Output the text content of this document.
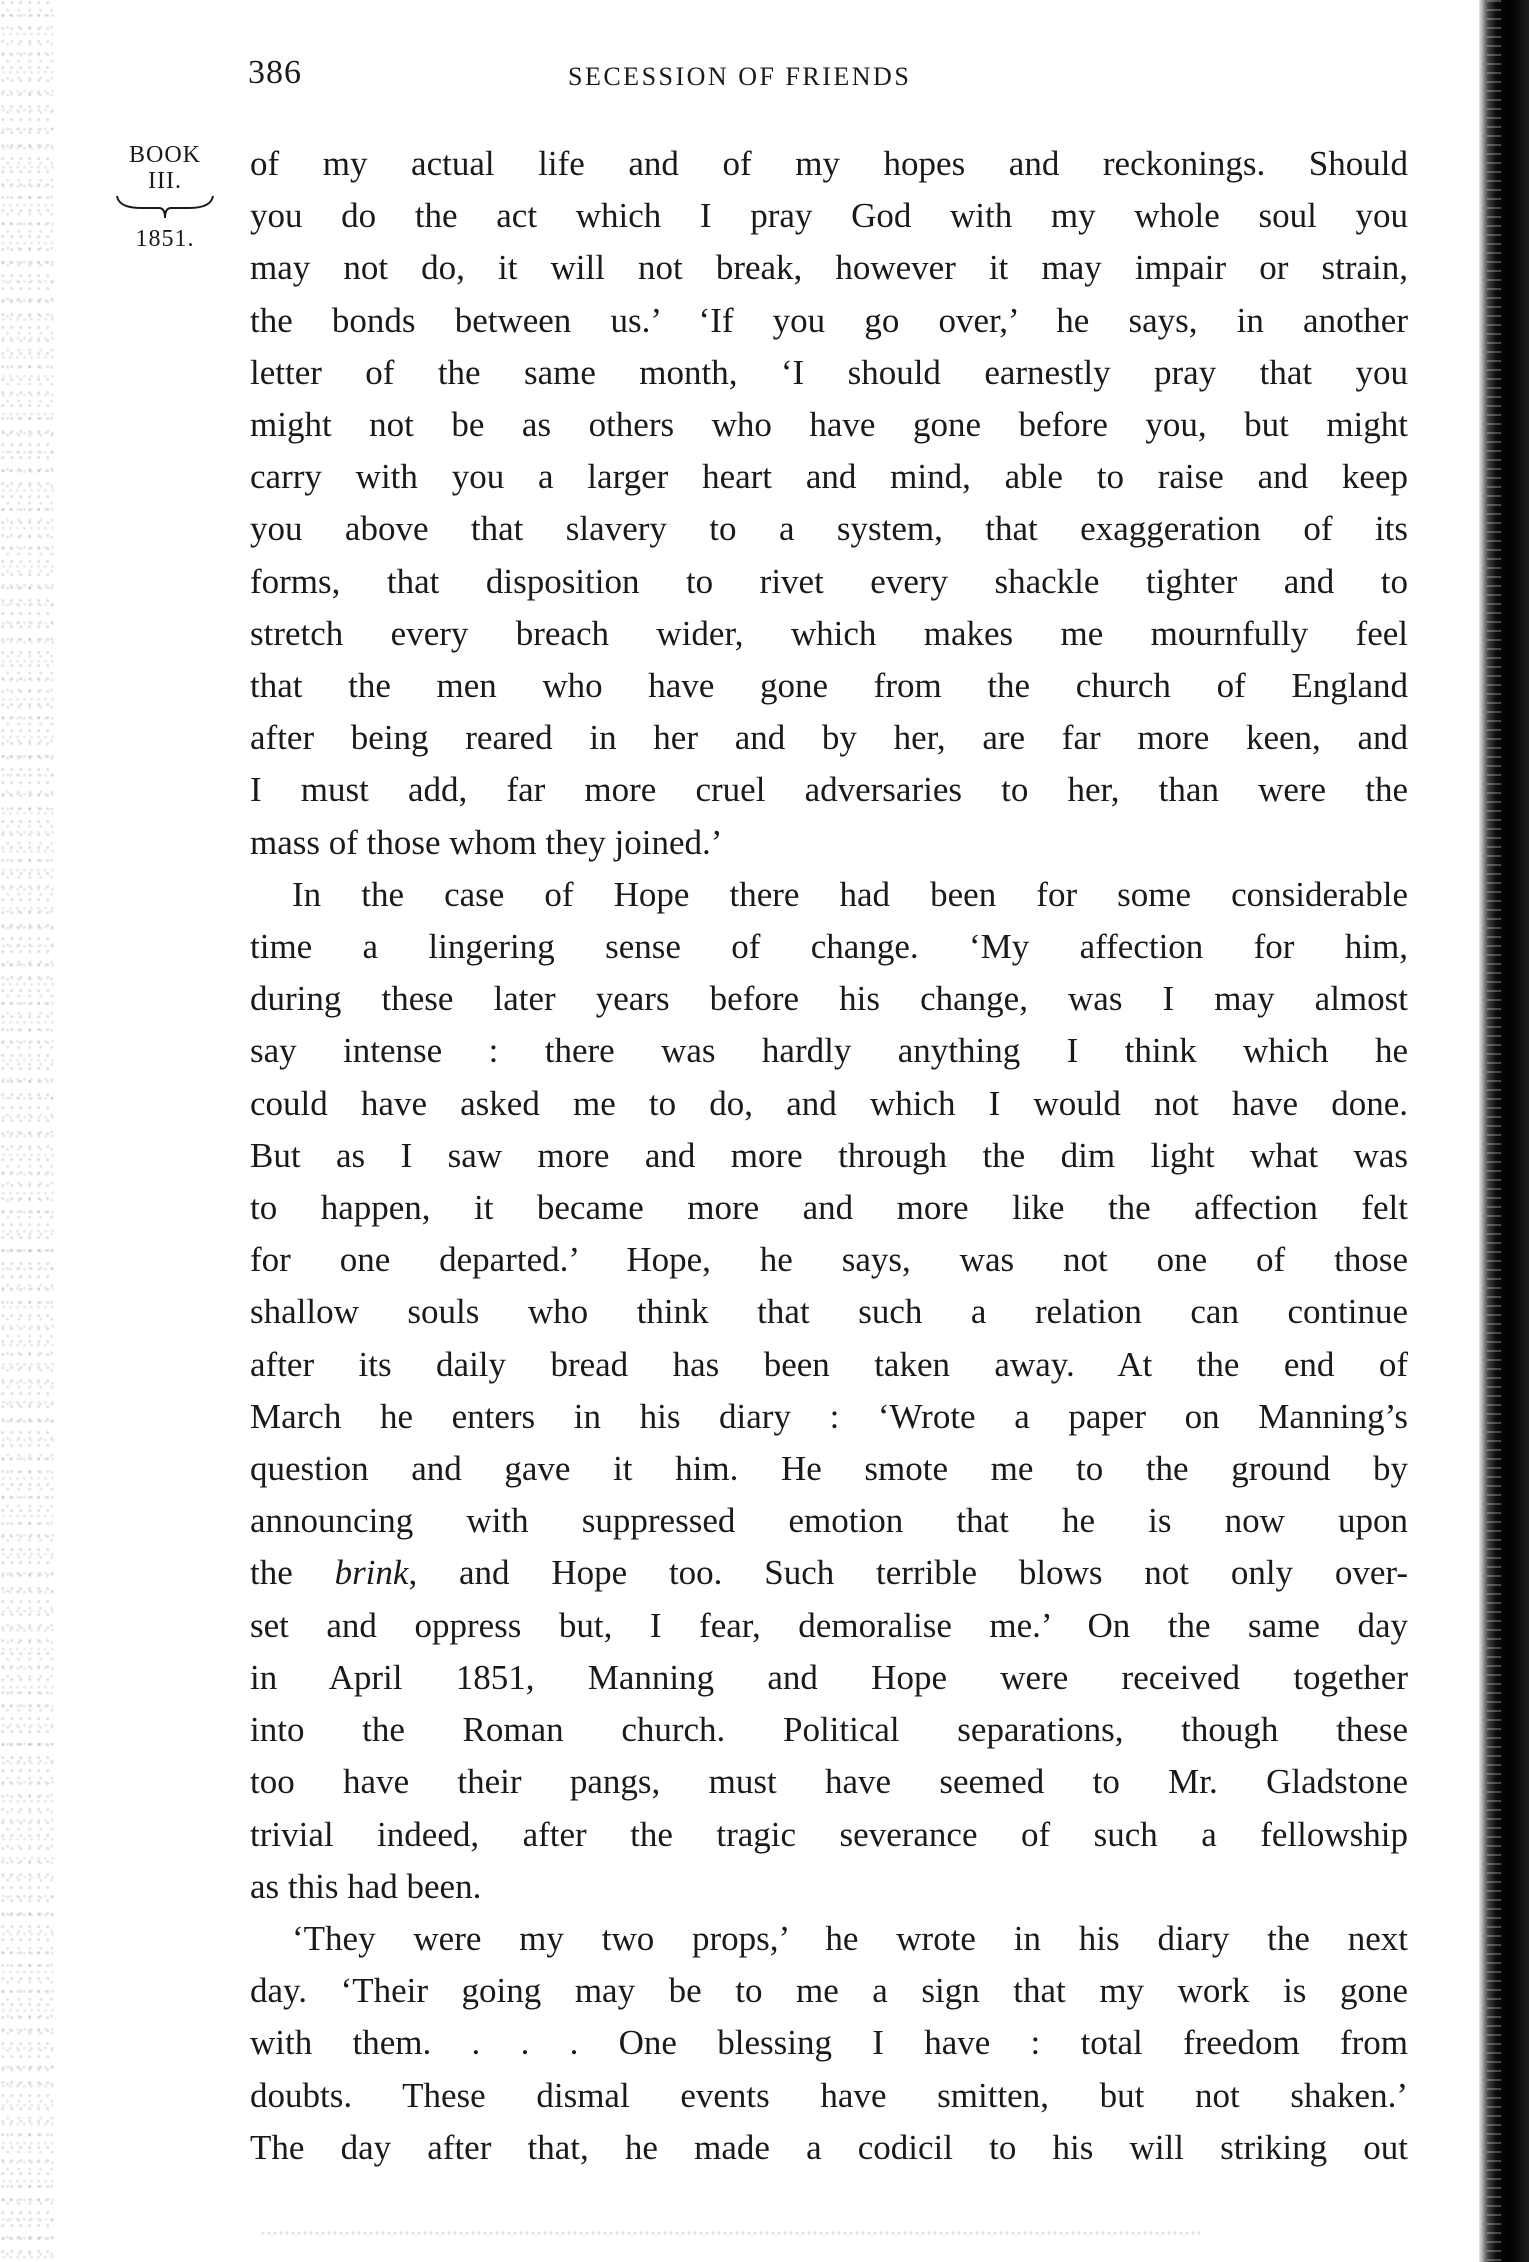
386	SECESSION OF FRIENDS
BOOK
III.
1851.
of my actual life and of my hopes and reckonings. Should
you do the act which I pray God with my whole soul you
may not do, it will not break, however it may impair or strain,
the bonds between us.’ ‘If you go over,’ he says, in another
letter of the same month, ‘I should earnestly pray that you
might not be as others who have gone before you, but might
carry with you a larger heart and mind, able to raise and keep
you above that slavery to a system, that exaggeration of its
forms, that disposition to rivet every shackle tighter and to
stretch every breach wider, which makes me mournfully feel
that the men who have gone from the church of England
after being reared in her and by her, are far more keen, and
I must add, far more cruel adversaries to her, than were the
mass of those whom they joined.’
In the case of Hope there had been for some considerable
time a lingering sense of change. ‘My affection for him,
during these later years before his change, was I may almost
say intense : there was hardly anything I think which he
could have asked me to do, and which I would not have done.
But as I saw more and more through the dim light what was
to happen, it became more and more like the affection felt
for one departed.’ Hope, he says, was not one of those
shallow souls who think that such a relation can continue
after its daily bread has been taken away. At the end of
March he enters in his diary : ‘Wrote a paper on Manning’s
question and gave it him. He smote me to the ground by
announcing with suppressed emotion that he is now upon
the brink, and Hope too. Such terrible blows not only over-
set and oppress but, I fear, demoralise me.’ On the same day
in April 1851, Manning and Hope were received together
into the Roman church. Political separations, though these
too have their pangs, must have seemed to Mr. Gladstone
trivial indeed, after the tragic severance of such a fellowship
as this had been.
‘They were my two props,’ he wrote in his diary the next
day. ‘Their going may be to me a sign that my work is gone
with them. . . . One blessing I have : total freedom from
doubts. These dismal events have smitten, but not shaken.’
The day after that, he made a codicil to his will striking out
